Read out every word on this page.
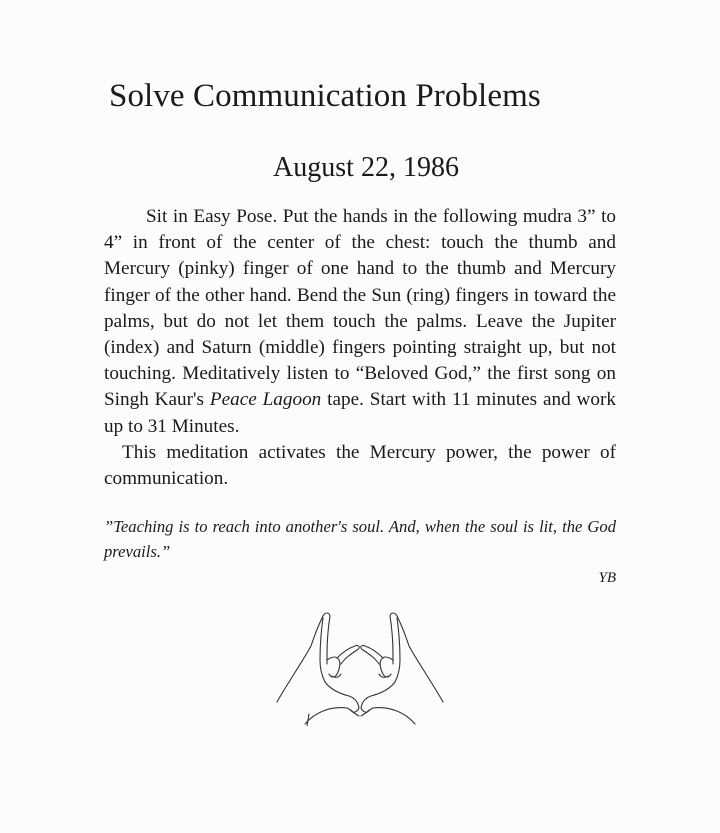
Solve Communication Problems
August 22, 1986

Sit in Easy Pose. Put the hands in the following mudra 3” to 4” in front of the center of the chest: touch the thumb and Mercury (pinky) finger of one hand to the thumb and Mercury finger of the other hand. Bend the Sun (ring) fingers in toward the palms, but do not let them touch the palms. Leave the Jupiter (index) and Saturn (middle) fingers pointing straight up, but not touching. Meditatively listen to “Beloved God,” the first song on Singh Kaur's Peace Lagoon tape. Start with 11 minutes and work up to 31 Minutes.

This meditation activates the Mercury power, the power of communication.

”Teaching is to reach into another's soul. And, when the soul is lit, the God prevails.”
YB
